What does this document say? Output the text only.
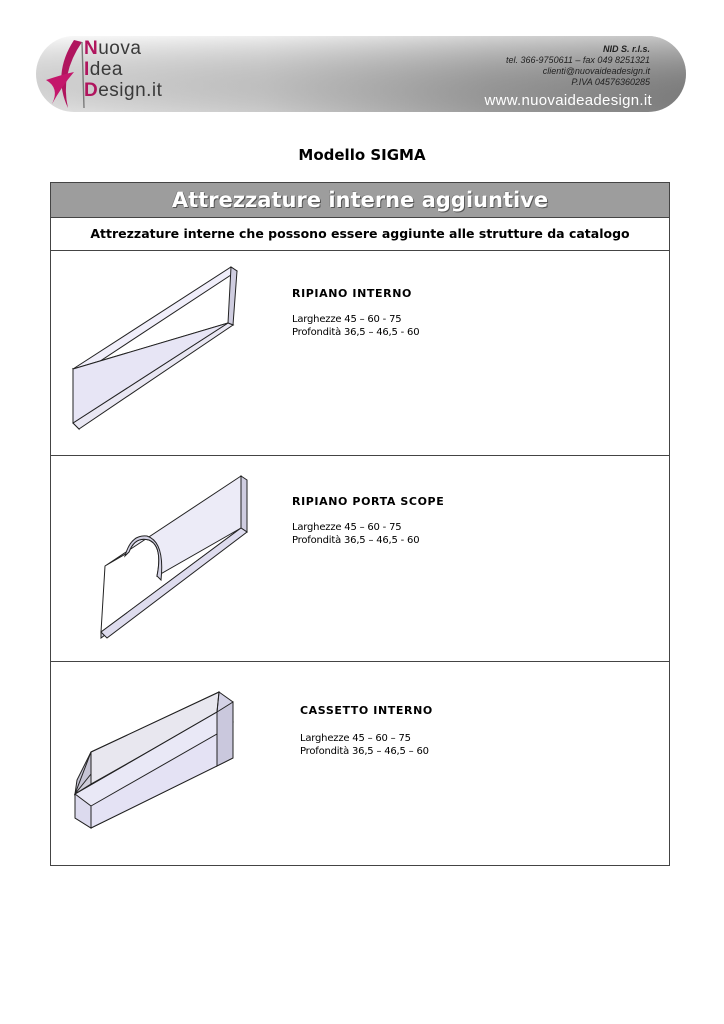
Nuova
Idea
Design.it
NID S. r.l.s.
tel. 366-9750611 – fax 049 8251321
clienti@nuovaideadesign.it
P.IVA 04576360285
www.nuovaideadesign.it
Modello SIGMA
Attrezzature interne aggiuntive
Attrezzature interne che possono essere aggiunte alle strutture da catalogo
RIPIANO INTERNO
Larghezze 45 – 60 - 75
Profondità 36,5 – 46,5 - 60
RIPIANO PORTA SCOPE
Larghezze 45 – 60 - 75
Profondità 36,5 – 46,5 - 60
CASSETTO INTERNO
Larghezze 45 – 60 – 75
Profondità 36,5 – 46,5 – 60
